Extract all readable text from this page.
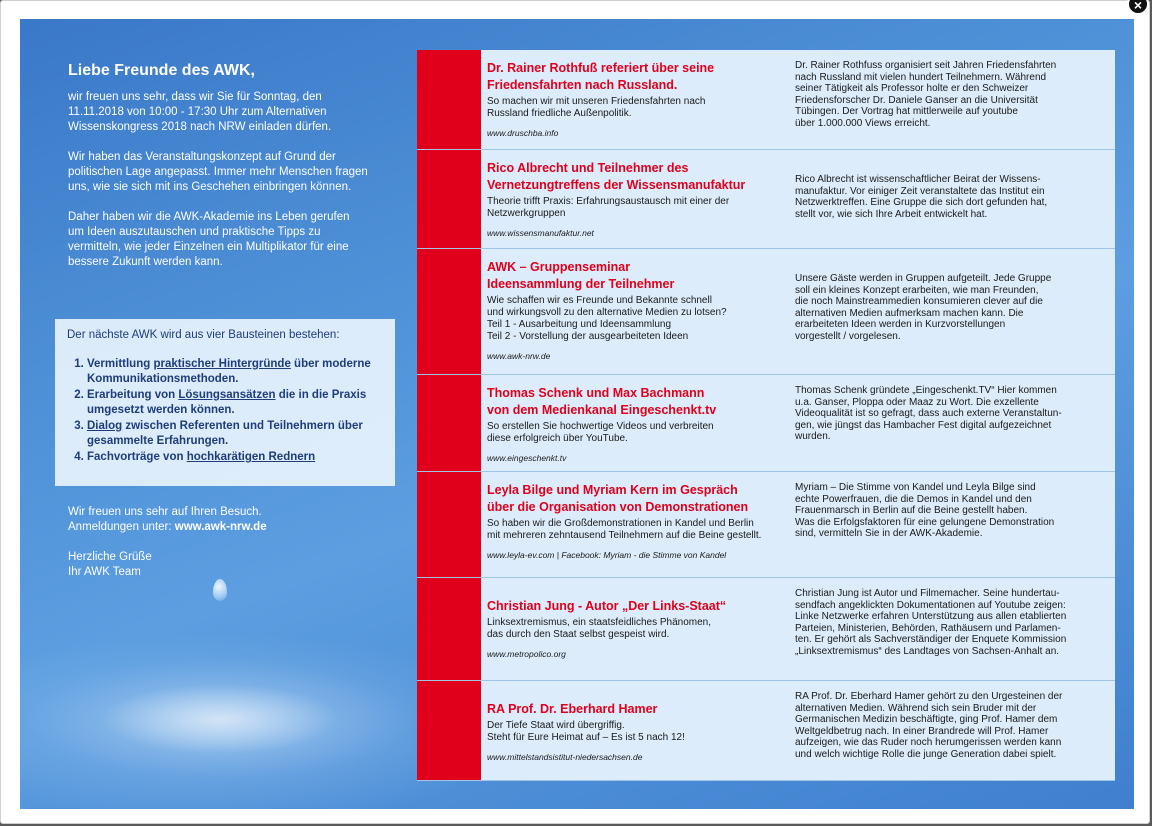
Liebe Freunde des AWK,

wir freuen uns sehr, dass wir Sie für Sonntag, den 11.11.2018 von 10:00 - 17:30 Uhr zum Alternativen Wissenskongress 2018 nach NRW einladen dürfen.

Wir haben das Veranstaltungskonzept auf Grund der politischen Lage angepasst. Immer mehr Menschen fragen uns, wie sie sich mit ins Geschehen einbringen können.

Daher haben wir die AWK-Akademie ins Leben gerufen um Ideen auszutauschen und praktische Tipps zu vermitteln, wie jeder Einzelnen ein Multiplikator für eine bessere Zukunft werden kann.

Der nächste AWK wird aus vier Bausteinen bestehen:
1. Vermittlung praktischer Hintergründe über moderne Kommunikationsmethoden.
2. Erarbeitung von Lösungsansätzen die in die Praxis umgesetzt werden können.
3. Dialog zwischen Referenten und Teilnehmern über gesammelte Erfahrungen.
4. Fachvorträge von hochkarätigen Rednern

Wir freuen uns sehr auf Ihren Besuch.
Anmeldungen unter: www.awk-nrw.de

Herzliche Grüße
Ihr AWK Team

Dr. Rainer Rothfuß referiert über seine
Friedensfahrten nach Russland.
So machen wir mit unseren Friedensfahrten nach
Russland friedliche Außenpolitik.
www.druschba.info
Dr. Rainer Rothfuss organisiert seit Jahren Friedensfahrten
nach Russland mit vielen hundert Teilnehmern. Während
seiner Tätigkeit als Professor holte er den Schweizer
Friedensforscher Dr. Daniele Ganser an die Universität
Tübingen. Der Vortrag hat mittlerweile auf youtube
über 1.000.000 Views erreicht.
Rico Albrecht und Teilnehmer des
Vernetzungtreffens der Wissensmanufaktur
Theorie trifft Praxis: Erfahrungsaustausch mit einer der
Netzwerkgruppen
www.wissensmanufaktur.net
Rico Albrecht ist wissenschaftlicher Beirat der Wissens-
manufaktur. Vor einiger Zeit veranstaltete das Institut ein
Netzwerktreffen. Eine Gruppe die sich dort gefunden hat,
stellt vor, wie sich Ihre Arbeit entwickelt hat.
AWK – Gruppenseminar
Ideensammlung der Teilnehmer
Wie schaffen wir es Freunde und Bekannte schnell
und wirkungsvoll zu den alternative Medien zu lotsen?
Teil 1 - Ausarbeitung und Ideensammlung
Teil 2 - Vorstellung der ausgearbeiteten Ideen
www.awk-nrw.de
Unsere Gäste werden in Gruppen aufgeteilt. Jede Gruppe
soll ein kleines Konzept erarbeiten, wie man Freunden,
die noch Mainstreammedien konsumieren clever auf die
alternativen Medien aufmerksam machen kann. Die
erarbeiteten Ideen werden in Kurzvorstellungen
vorgestellt / vorgelesen.
Thomas Schenk und Max Bachmann
von dem Medienkanal Eingeschenkt.tv
So erstellen Sie hochwertige Videos und verbreiten
diese erfolgreich über YouTube.
www.eingeschenkt.tv
Thomas Schenk gründete „Eingeschenkt.TV“ Hier kommen
u.a. Ganser, Ploppa oder Maaz zu Wort. Die exzellente
Videoqualität ist so gefragt, dass auch externe Veranstaltun-
gen, wie jüngst das Hambacher Fest digital aufgezeichnet
wurden.
Leyla Bilge und Myriam Kern im Gespräch
über die Organisation von Demonstrationen
So haben wir die Großdemonstrationen in Kandel und Berlin
mit mehreren zehntausend Teilnehmern auf die Beine gestellt.
www.leyla-ev.com | Facebook: Myriam - die Stimme von Kandel
Myriam – Die Stimme von Kandel und Leyla Bilge sind
echte Powerfrauen, die die Demos in Kandel und den
Frauenmarsch in Berlin auf die Beine gestellt haben.
Was die Erfolgsfaktoren für eine gelungene Demonstration
sind, vermitteln Sie in der AWK-Akademie.
Christian Jung - Autor „Der Links-Staat“
Linksextremismus, ein staatsfeidliches Phänomen,
das durch den Staat selbst gespeist wird.
www.metropolico.org
Christian Jung ist Autor und Filmemacher. Seine hundertau-
sendfach angeklickten Dokumentationen auf Youtube zeigen:
Linke Netzwerke erfahren Unterstützung aus allen etablierten
Parteien, Ministerien, Behörden, Rathäusern und Parlamen-
ten. Er gehört als Sachverständiger der Enquete Kommission
„Linksextremismus“ des Landtages von Sachsen-Anhalt an.
RA Prof. Dr. Eberhard Hamer
Der Tiefe Staat wird übergriffig.
Steht für Eure Heimat auf – Es ist 5 nach 12!
www.mittelstandsistitut-niedersachsen.de
RA Prof. Dr. Eberhard Hamer gehört zu den Urgesteinen der
alternativen Medien. Während sich sein Bruder mit der
Germanischen Medizin beschäftigte, ging Prof. Hamer dem
Weltgeldbetrug nach. In einer Brandrede will Prof. Hamer
aufzeigen, wie das Ruder noch herumgerissen werden kann
und welch wichtige Rolle die junge Generation dabei spielt.
×
